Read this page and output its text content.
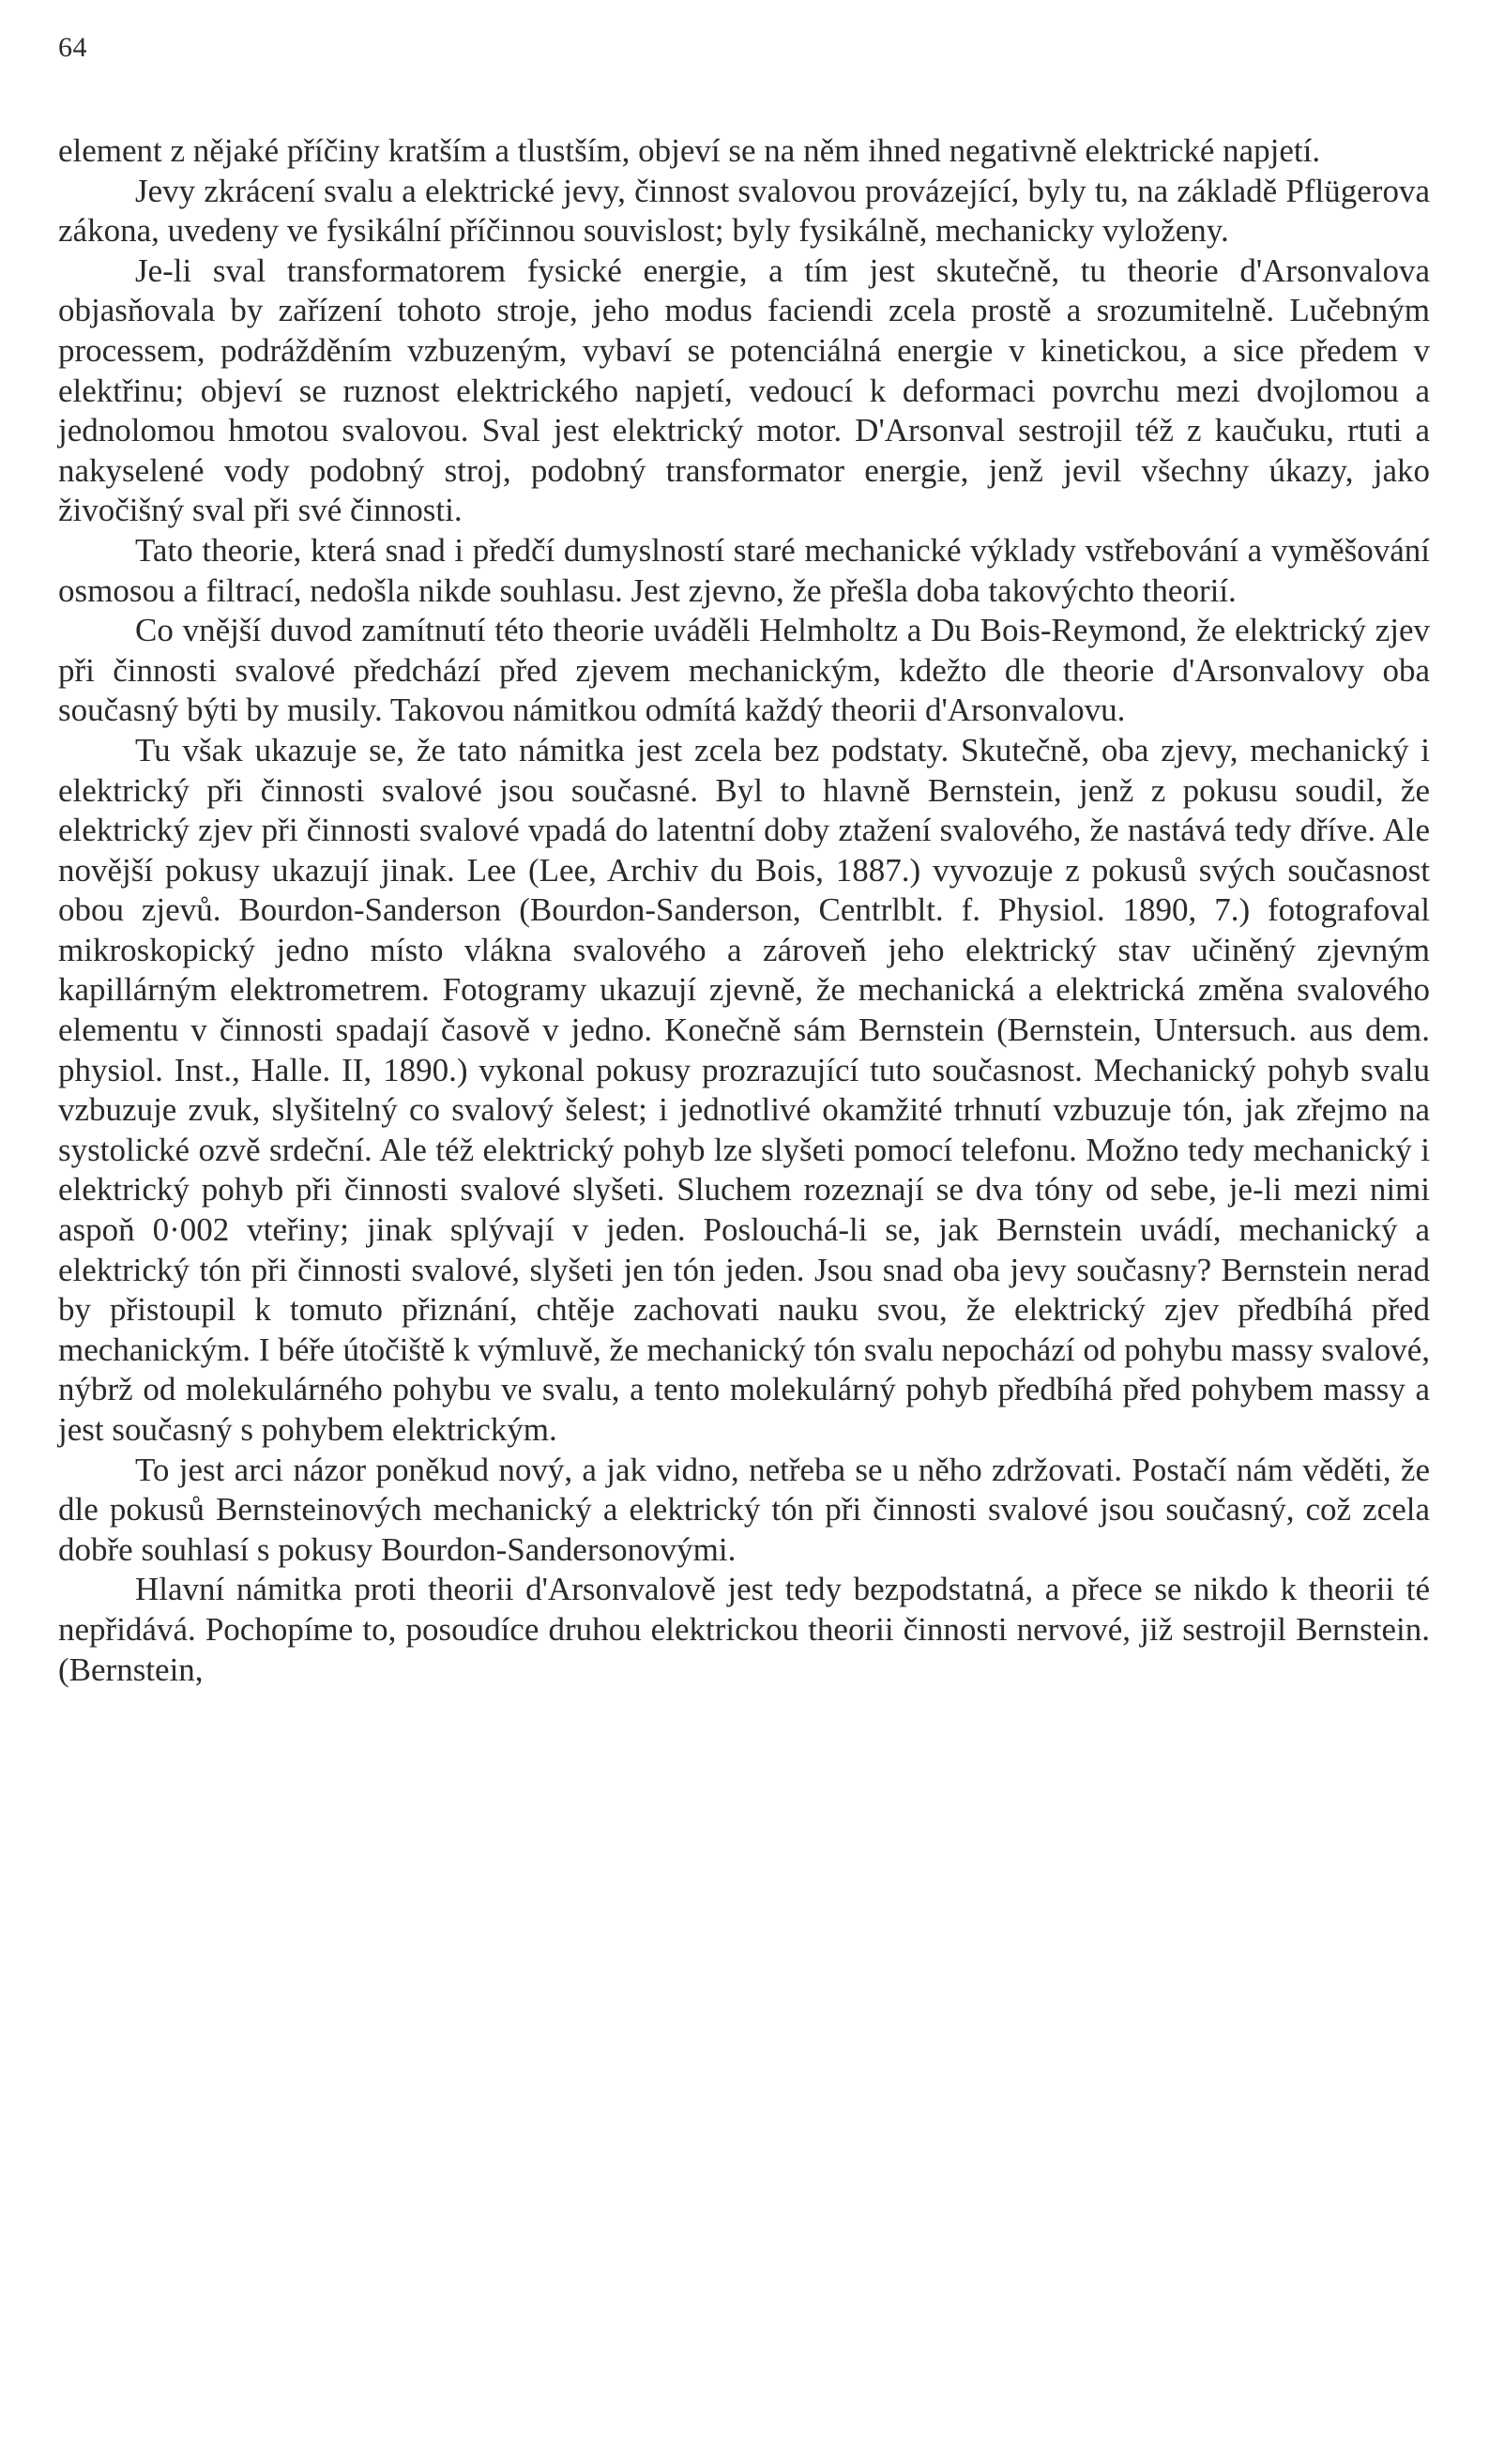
64

element z nějaké příčiny kratším a tlustším, objeví se na něm ihned negativně elektrické napjetí.

Jevy zkrácení svalu a elektrické jevy, činnost svalovou provázející, byly tu, na základě Pflügerova zákona, uvedeny ve fysikální příčinnou souvislost; byly fysikálně, mechanicky vyloženy.

Je-li sval transformatorem fysické energie, a tím jest skutečně, tu theorie d'Arsonvalova objasňovala by zařízení tohoto stroje, jeho modus faciendi zcela prostě a srozumitelně. Lučebným processem, podrážděním vzbuzeným, vybaví se potenciálná energie v kinetickou, a sice předem v elektřinu; objeví se ruznost elektrického napjetí, vedoucí k deformaci povrchu mezi dvojlomou a jednolomou hmotou svalovou. Sval jest elektrický motor. D'Arsonval sestrojil též z kaučuku, rtuti a nakyselené vody podobný stroj, podobný transformator energie, jenž jevil všechny úkazy, jako živočišný sval při své činnosti.

Tato theorie, která snad i předčí dumyslností staré mechanické výklady vstřebování a vyměšování osmosou a filtrací, nedošla nikde souhlasu. Jest zjevno, že přešla doba takovýchto theorií.

Co vnější duvod zamítnutí této theorie uváděli Helmholtz a Du Bois-Reymond, že elektrický zjev při činnosti svalové předchází před zjevem mechanickým, kdežto dle theorie d'Arsonvalovy oba současný býti by musily. Takovou námitkou odmítá každý theorii d'Arsonvalovu.

Tu však ukazuje se, že tato námitka jest zcela bez podstaty. Skutečně, oba zjevy, mechanický i elektrický při činnosti svalové jsou současné. Byl to hlavně Bernstein, jenž z pokusu soudil, že elektrický zjev při činnosti svalové vpadá do latentní doby ztažení svalového, že nastává tedy dříve. Ale novější pokusy ukazují jinak. Lee (Lee, Archiv du Bois, 1887.) vyvozuje z pokusů svých současnost obou zjevů. Bourdon-Sanderson (Bourdon-Sanderson, Centrlblt. f. Physiol. 1890, 7.) fotografoval mikroskopický jedno místo vlákna svalového a zároveň jeho elektrický stav učiněný zjevným kapillárným elektrometrem. Fotogramy ukazují zjevně, že mechanická a elektrická změna svalového elementu v činnosti spadají časově v jedno. Konečně sám Bernstein (Bernstein, Untersuch. aus dem. physiol. Inst., Halle. II, 1890.) vykonal pokusy prozrazující tuto současnost. Mechanický pohyb svalu vzbuzuje zvuk, slyšitelný co svalový šelest; i jednotlivé okamžité trhnutí vzbuzuje tón, jak zřejmo na systolické ozvě srdeční. Ale též elektrický pohyb lze slyšeti pomocí telefonu. Možno tedy mechanický i elektrický pohyb při činnosti svalové slyšeti. Sluchem rozeznají se dva tóny od sebe, je-li mezi nimi aspoň 0·002 vteřiny; jinak splývají v jeden. Poslouchá-li se, jak Bernstein uvádí, mechanický a elektrický tón při činnosti svalové, slyšeti jen tón jeden. Jsou snad oba jevy současny? Bernstein nerad by přistoupil k tomuto přiznání, chtěje zachovati nauku svou, že elektrický zjev předbíhá před mechanickým. I béře útočiště k výmluvě, že mechanický tón svalu nepochází od pohybu massy svalové, nýbrž od molekulárného pohybu ve svalu, a tento molekulárný pohyb předbíhá před pohybem massy a jest současný s pohybem elektrickým.

To jest arci názor poněkud nový, a jak vidno, netřeba se u něho zdržovati. Postačí nám věděti, že dle pokusů Bernsteinových mechanický a elektrický tón při činnosti svalové jsou současný, což zcela dobře souhlasí s pokusy Bourdon-Sandersonovými.

Hlavní námitka proti theorii d'Arsonvalově jest tedy bezpodstatná, a přece se nikdo k theorii té nepřidává. Pochopíme to, posoudíce druhou elektrickou theorii činnosti nervové, již sestrojil Bernstein. (Bernstein,
